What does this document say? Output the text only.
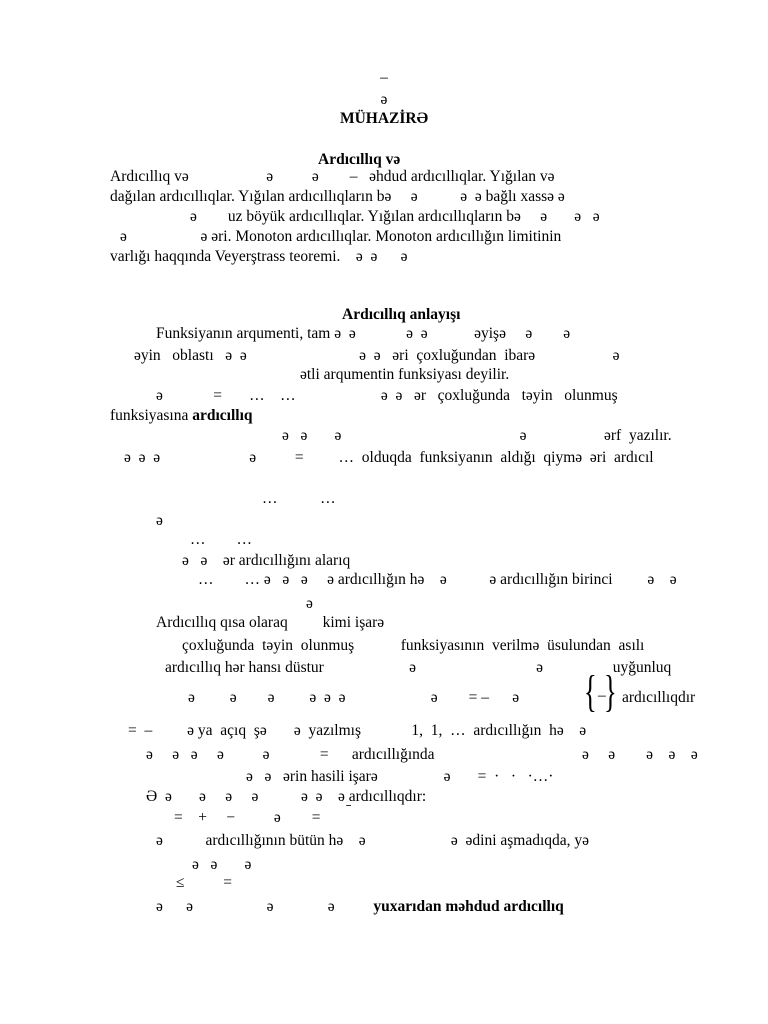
–
ə
MÜHAZİRƏ
Ardıcıllıq və
Ardıcıllıq və                    ə          ə        –   əhdud ardıcıllıqlar. Yığılan və
dağılan ardıcıllıqlar. Yığılan ardıcıllıqların bə     ə           ə  ə bağlı xassə ə
ə        uz böyük ardıcıllıqlar. Yığılan ardıcıllıqların bə     ə       ə   ə
ə                   ə əri. Monoton ardıcıllıqlar. Monoton ardıcıllığın limitinin
varlığı haqqında Veyerştrass teoremi.    ə  ə      ə
Ardıcıllıq anlayışı
Funksiyanın arqumenti, tam ə  ə             ə  ə            əyişə     ə        ə
əyin   oblastı   ə  ə                             ə  ə   əri  çoxluğundan  ibarə                    ə
ətli arqumentin funksiyası deyilir.
ə             =       …    …                      ə  ə   ər   çoxluğunda   təyin   olunmuş
funksiyasına ardıcıllıq
ə   ə       ə                                              ə                    ərf  yazılır.
ə  ə  ə                       ə          =         …  olduqda  funksiyanın  aldığı  qiymə  əri  ardıcıl
…           …
ə
…        …
ə   ə    ər ardıcıllığını alarıq
…        … ə   ə   ə     ə ardıcıllığın hə    ə           ə ardıcıllığın birinci         ə    ə
ə
Ardıcıllıq qısa olaraq         kimi işarə
çoxluğunda  təyin  olunmuş            funksiyasının  verilmə  üsulundan  asılı
ardıcıllıq hər hansı düstur                      ə                               ə                  uyğunluq
ə         ə        ə         ə  ə  ə                      ə        = –      ə { –
} ardıcıllıqdır
=  –         ə ya  açıq  şə       ə  yazılmış             1,  1,  …  ardıcıllığın  hə    ə
ə     ə   ə     ə          ə             =      ardıcıllığında	ə     ə        ə    ə    ə
ə   ə   ərin hasili işarə                 ə       =  ·   ·   ·…·
Ə  ə       ə     ə     ə           ə  ə    ə ardıcıllıqdır:
=    +     −          ə        = ˉ
ə           ardıcıllığının bütün hə    ə                      ə  ədini aşmadıqda, yə
ə   ə       ə
≤          =
ə      ə                   ə              ə          yuxarıdan məhdud ardıcıllıq
